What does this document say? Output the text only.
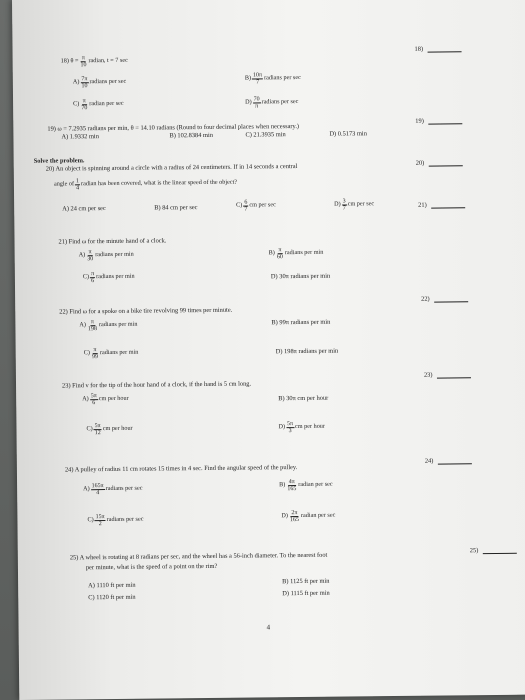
18)
18) $\theta = \frac{\pi}{10}$ radian, t = 7 sec
$A) \frac{7\pi}{10}$ radians per sec	$B) \frac{10\pi}{7}$ radians per sec
$C) \frac{\pi}{70}$ radian per sec	$D) \frac{70}{\pi}$ radians per sec
19)
19) ω = 7.2935 radians per min, θ = 14.10 radians (Round to four decimal places when necessary.)
A) 1.9332 min	B) 102.8384 min	C) 21.3935 min	D) 0.5173 min
Solve the problem.	20)
20) An object is spinning around a circle with a radius of 24 centimeters. If in 14 seconds a central
angle of $\frac{1}{4}$ radian has been covered, what is the linear speed of the object?
A) 24 cm per sec	B) 84 cm per sec	$C) \frac{6}{7}$ cm per sec	$D) \frac{3}{7}$ cm per sec	21)
21) Find ω for the minute hand of a clock.
$A) \frac{\pi}{30}$ radians per min	$B) \frac{\pi}{60}$ radians per min
$C) \frac{\pi}{6}$ radians per min	D) 30π radians per min
22)
22) Find ω for a spoke on a bike tire revolving 99 times per minute.
$A) \frac{\pi}{198}$ radians per min	B) 99π radians per min
$C) \frac{\pi}{99}$ radians per min	D) 198π radians per min
23)
23) Find v for the tip of the hour hand of a clock, if the hand is 5 cm long.
$A) \frac{5\pi}{6}$ cm per hour	B) 30π cm per hour
$C) \frac{5\pi}{12}$ cm per hour	$D) \frac{5\pi}{3}$ cm per hour
24)
24) A pulley of radius 11 cm rotates 15 times in 4 sec. Find the angular speed of the pulley.
$A) \frac{165\pi}{4}$ radians per sec	$B) \frac{4\pi}{165}$ radian per sec
$C) \frac{15\pi}{2}$ radians per sec	$D) \frac{2\pi}{165}$ radian per sec
25)
25) A wheel is rotating at 8 radians per sec, and the wheel has a 56-inch diameter. To the nearest foot
per minute, what is the speed of a point on the rim?
A) 1110 ft per min
B) 1125 ft per min
C) 1120 ft per min
D) 1115 ft per min
4
